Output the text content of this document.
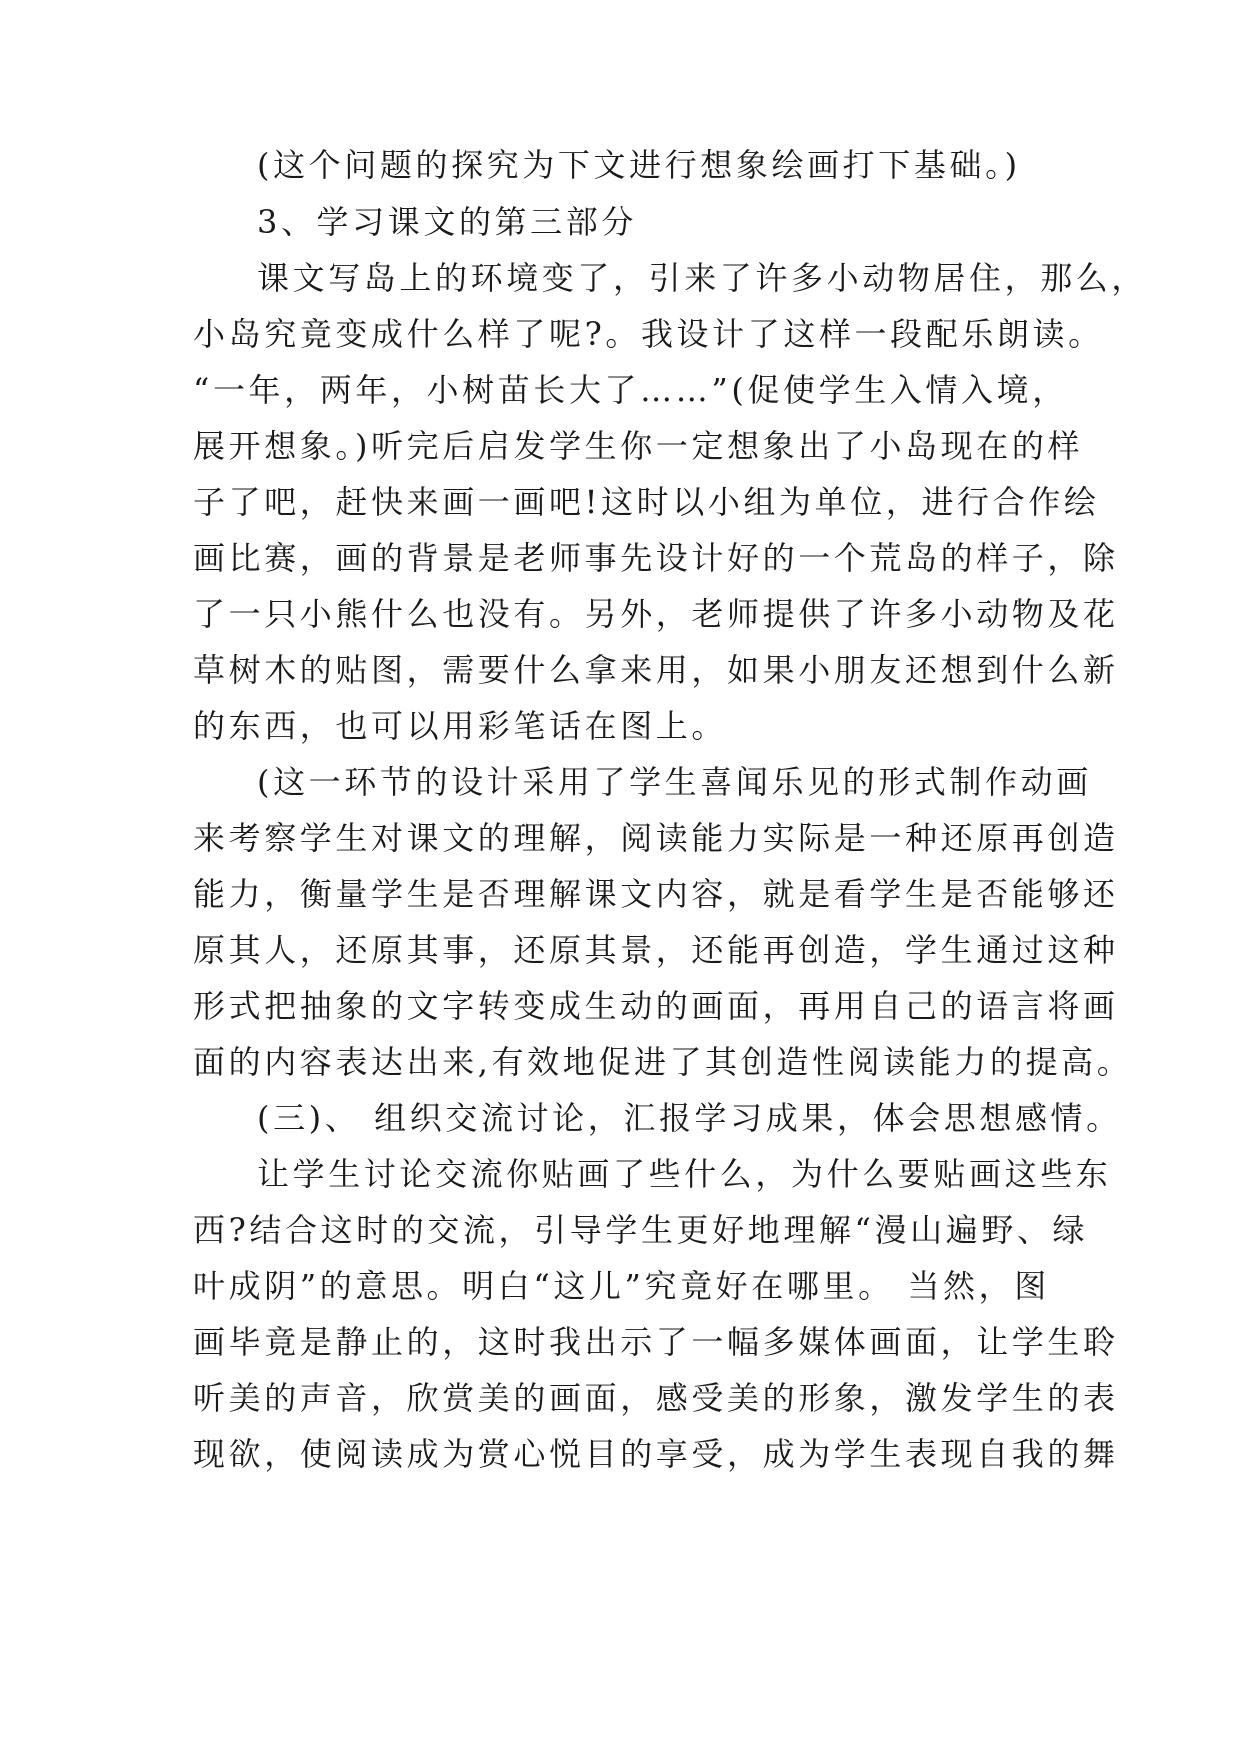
(这个问题的探究为下文进行想象绘画打下基础。)
3、学习课文的第三部分
课文写岛上的环境变了，引来了许多小动物居住，那么，
小岛究竟变成什么样了呢?。我设计了这样一段配乐朗读。
“一年，两年，小树苗长大了……”(促使学生入情入境，
展开想象。)听完后启发学生你一定想象出了小岛现在的样
子了吧，赶快来画一画吧!这时以小组为单位，进行合作绘
画比赛，画的背景是老师事先设计好的一个荒岛的样子，除
了一只小熊什么也没有。另外，老师提供了许多小动物及花
草树木的贴图，需要什么拿来用，如果小朋友还想到什么新
的东西，也可以用彩笔话在图上。
(这一环节的设计采用了学生喜闻乐见的形式制作动画
来考察学生对课文的理解，阅读能力实际是一种还原再创造
能力，衡量学生是否理解课文内容，就是看学生是否能够还
原其人，还原其事，还原其景，还能再创造，学生通过这种
形式把抽象的文字转变成生动的画面，再用自己的语言将画
面的内容表达出来,有效地促进了其创造性阅读能力的提高。
(三)、 组织交流讨论，汇报学习成果，体会思想感情。
让学生讨论交流你贴画了些什么，为什么要贴画这些东
西?结合这时的交流，引导学生更好地理解“漫山遍野、绿
叶成阴”的意思。明白“这儿”究竟好在哪里。 当然，图
画毕竟是静止的，这时我出示了一幅多媒体画面，让学生聆
听美的声音，欣赏美的画面，感受美的形象，激发学生的表
现欲，使阅读成为赏心悦目的享受，成为学生表现自我的舞
